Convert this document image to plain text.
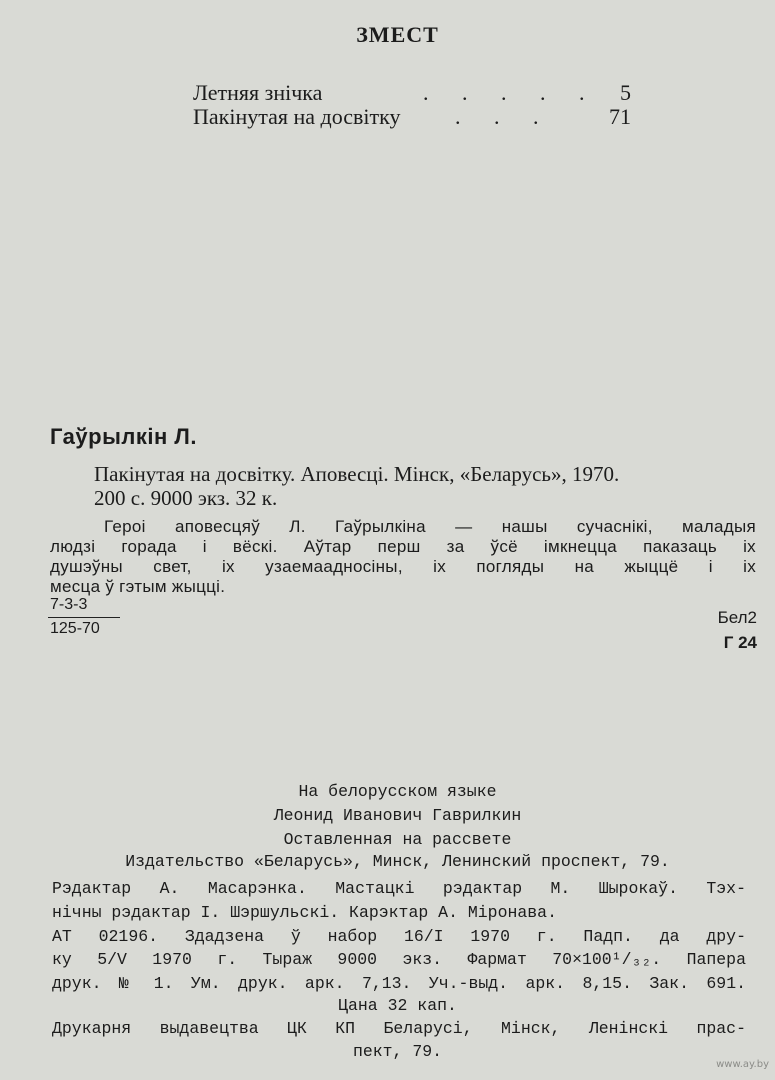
ЗМЕСТ
Летняя знічка	. . . . . 5
Пакінутая на досвітку . . .	71
Гаўрылкін Л.
Пакінутая на досвітку. Аповесці. Мінск, «Беларусь», 1970.
200 с. 9000 экз. 32 к.
Героі аповесцяў Л. Гаўрылкіна — нашы сучаснікі, маладыя
людзі горада і вёскі. Аўтар перш за ўсё імкнецца паказаць іх
душэўны свет, іх узаемаадносіны, іх погляды на жыццё і іх
месца ў гэтым жыцці.
7-3-3
125-70
Бел2
Г 24
На белорусском языке
Леонид Иванович Гаврилкин
Оставленная на рассвете
Издательство «Беларусь», Минск, Ленинский проспект, 79.
Рэдактар А. Масарэнка. Мастацкі рэдактар М. Шырокаў. Тэх-
нічны рэдактар І. Шэршульскі. Карэктар А. Міронава.
АТ 02196. Здадзена ў набор 16/I 1970 г. Падп. да дру-
ку 5/V 1970 г. Тыраж 9000 экз. Фармат 70×100¹/₃₂. Папера
друк. № 1. Ум. друк. арк. 7,13. Уч.-выд. арк. 8,15. Зак. 691.
Цана 32 кап.
Друкарня выдавецтва ЦК КП Беларусі, Мінск, Ленінскі прас-
пект, 79.
www.ay.by
